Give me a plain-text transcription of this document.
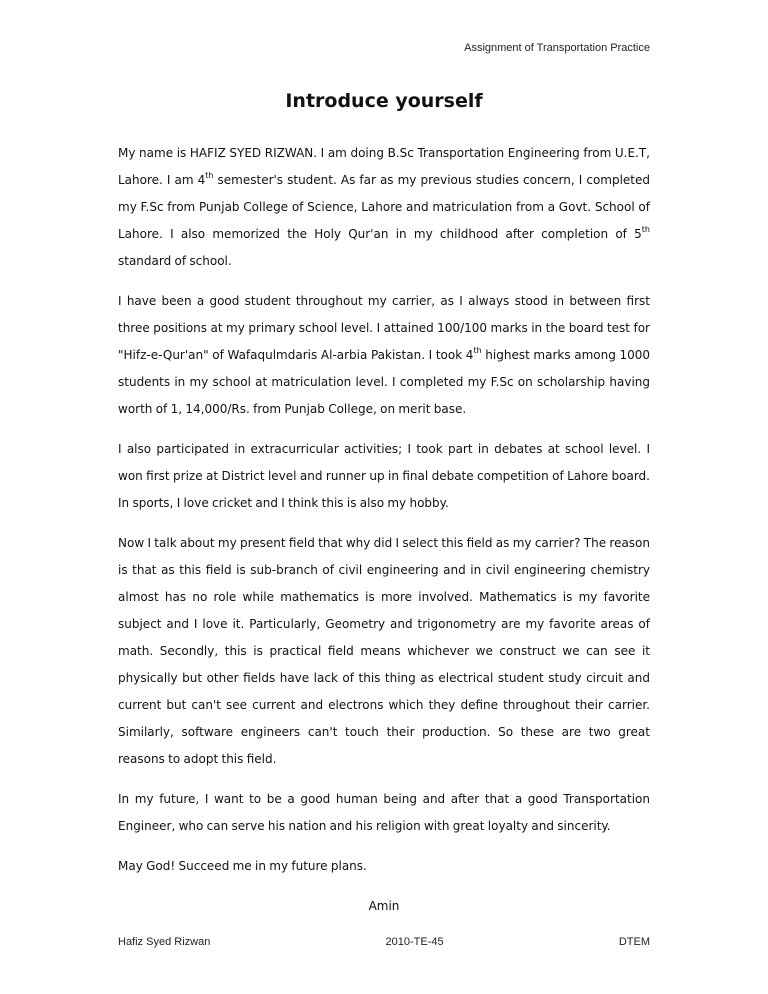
Assignment of Transportation Practice
Introduce yourself

My name is HAFIZ SYED RIZWAN. I am doing B.Sc Transportation Engineering from U.E.T, Lahore. I am 4th semester's student. As far as my previous studies concern, I completed my F.Sc from Punjab College of Science, Lahore and matriculation from a Govt. School of Lahore. I also memorized the Holy Qur'an in my childhood after completion of 5th standard of school.

I have been a good student throughout my carrier, as I always stood in between first three positions at my primary school level. I attained 100/100 marks in the board test for "Hifz-e-Qur'an" of Wafaqulmdaris Al-arbia Pakistan. I took 4th highest marks among 1000 students in my school at matriculation level. I completed my F.Sc on scholarship having worth of 1, 14,000/Rs. from Punjab College, on merit base.

I also participated in extracurricular activities; I took part in debates at school level. I won first prize at District level and runner up in final debate competition of Lahore board. In sports, I love cricket and I think this is also my hobby.

Now I talk about my present field that why did I select this field as my carrier? The reason is that as this field is sub-branch of civil engineering and in civil engineering chemistry almost has no role while mathematics is more involved. Mathematics is my favorite subject and I love it. Particularly, Geometry and trigonometry are my favorite areas of math. Secondly, this is practical field means whichever we construct we can see it physically but other fields have lack of this thing as electrical student study circuit and current but can't see current and electrons which they define throughout their carrier. Similarly, software engineers can't touch their production. So these are two great reasons to adopt this field.

In my future, I want to be a good human being and after that a good Transportation Engineer, who can serve his nation and his religion with great loyalty and sincerity.

May God! Succeed me in my future plans.

Amin
Hafiz Syed Rizwan	2010-TE-45	DTEM
